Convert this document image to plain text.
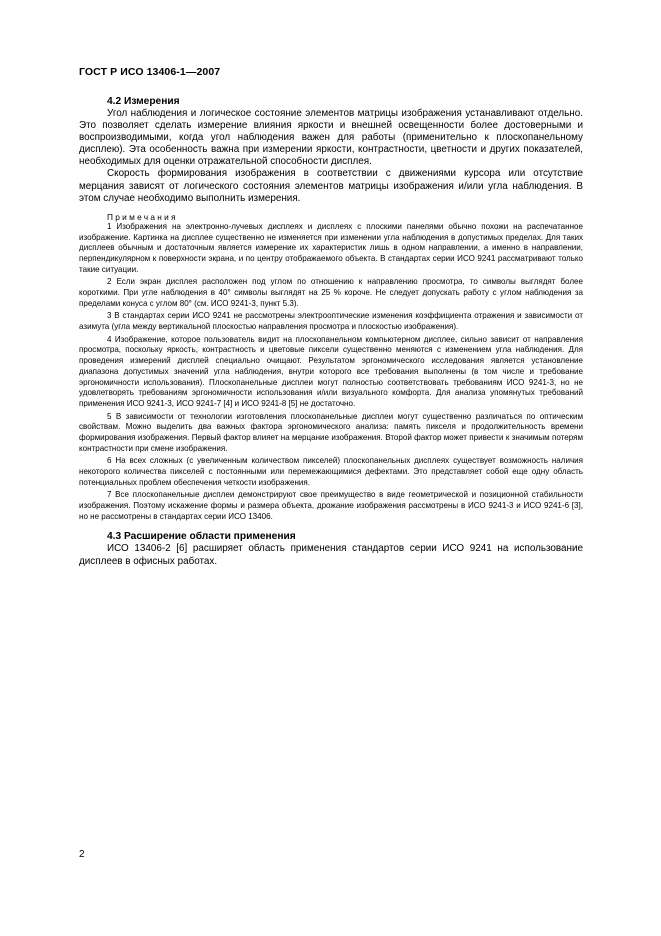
ГОСТ Р ИСО 13406-1—2007
4.2 Измерения

Угол наблюдения и логическое состояние элементов матрицы изображения устанавливают отдельно. Это позволяет сделать измерение влияния яркости и внешней освещенности более достоверными и воспроизводимыми, когда угол наблюдения важен для работы (применительно к плоскопанельному дисплею). Эта особенность важна при измерении яркости, контрастности, цветности и других показателей, необходимых для оценки отражательной способности дисплея.

Скорость формирования изображения в соответствии с движениями курсора или отсутствие мерцания зависят от логического состояния элементов матрицы изображения и/или угла наблюдения. В этом случае необходимо выполнить измерения.

Примечания

1 Изображения на электронно-лучевых дисплеях и дисплеях с плоскими панелями обычно похожи на распечатанное изображение. Картинка на дисплее существенно не изменяется при изменении угла наблюдения в допустимых пределах. Для таких дисплеев обычным и достаточным является измерение их характеристик лишь в одном направлении, а именно в направлении, перпендикулярном к поверхности экрана, и по центру отображаемого объекта. В стандартах серии ИСО 9241 рассматривают только такие ситуации.

2 Если экран дисплея расположен под углом по отношению к направлению просмотра, то символы выглядят более короткими. При угле наблюдения в 40° символы выглядят на 25 % короче. Не следует допускать работу с углом наблюдения за пределами конуса с углом 80° (см. ИСО 9241-3, пункт 5.3).

3 В стандартах серии ИСО 9241 не рассмотрены электрооптические изменения коэффициента отражения и зависимости от азимута (угла между вертикальной плоскостью направления просмотра и плоскостью изображения).

4 Изображение, которое пользователь видит на плоскопанельном компьютерном дисплее, сильно зависит от направления просмотра, поскольку яркость, контрастность и цветовые пиксели существенно меняются с изменением угла наблюдения. Для проведения измерений дисплей специально очищают. Результатом эргономического исследования является установление диапазона допустимых значений угла наблюдения, внутри которого все требования выполнены (в том числе и требование эргономичности использования). Плоскопанельные дисплеи могут полностью соответствовать требованиям ИСО 9241-3, но не удовлетворять требованиям эргономичности использования и/или визуального комфорта. Для анализа упомянутых требований применения ИСО 9241-3, ИСО 9241-7 [4] и ИСО 9241-8 [5] не достаточно.

5 В зависимости от технологии изготовления плоскопанельные дисплеи могут существенно различаться по оптическим свойствам. Можно выделить два важных фактора эргономического анализа: память пикселя и продолжительность времени формирования изображения. Первый фактор влияет на мерцание изображения. Второй фактор может привести к значимым потерям контрастности при смене изображения.

6 На всех сложных (с увеличенным количеством пикселей) плоскопанельных дисплеях существует возможность наличия некоторого количества пикселей с постоянными или перемежающимися дефектами. Это представляет собой еще одну область потенциальных проблем обеспечения четкости изображения.

7 Все плоскопанельные дисплеи демонстрируют свое преимущество в виде геометрической и позиционной стабильности изображения. Поэтому искажение формы и размера объекта, дрожание изображения рассмотрены в ИСО 9241-3 и ИСО 9241-6 [3], но не рассмотрены в стандартах серии ИСО 13406.

4.3 Расширение области применения

ИСО 13406-2 [6] расширяет область применения стандартов серии ИСО 9241 на использование дисплеев в офисных работах.

2
